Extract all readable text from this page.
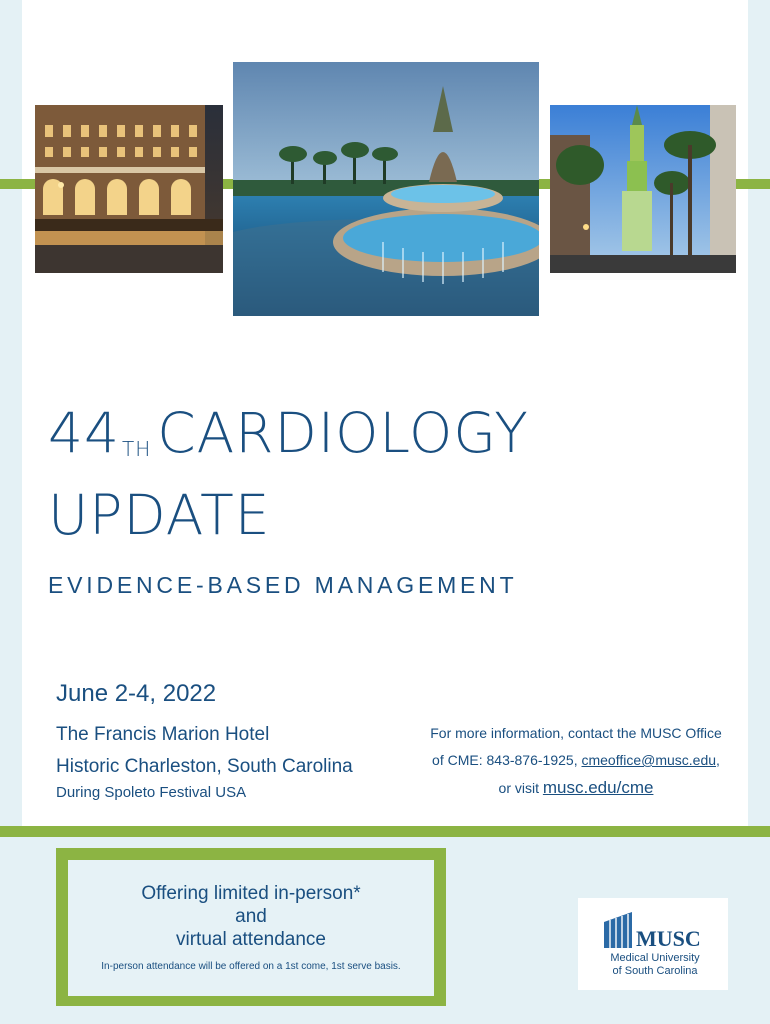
44 $^{TH}$ CARDIOLOGY
UPDATE
EVIDENCE-BASED MANAGEMENT
June 2-4, 2022
The Francis Marion Hotel
Historic Charleston, South Carolina
During Spoleto Festival USA
For more information, contact the MUSC Office
of CME: 843-876-1925, cmeoffice@musc.edu,
or visit musc.edu/cme
Offering limited in-person*
and
virtual attendance
In-person attendance will be offered on a 1st come, 1st serve basis.
MUSC
Medical University
of South Carolina
